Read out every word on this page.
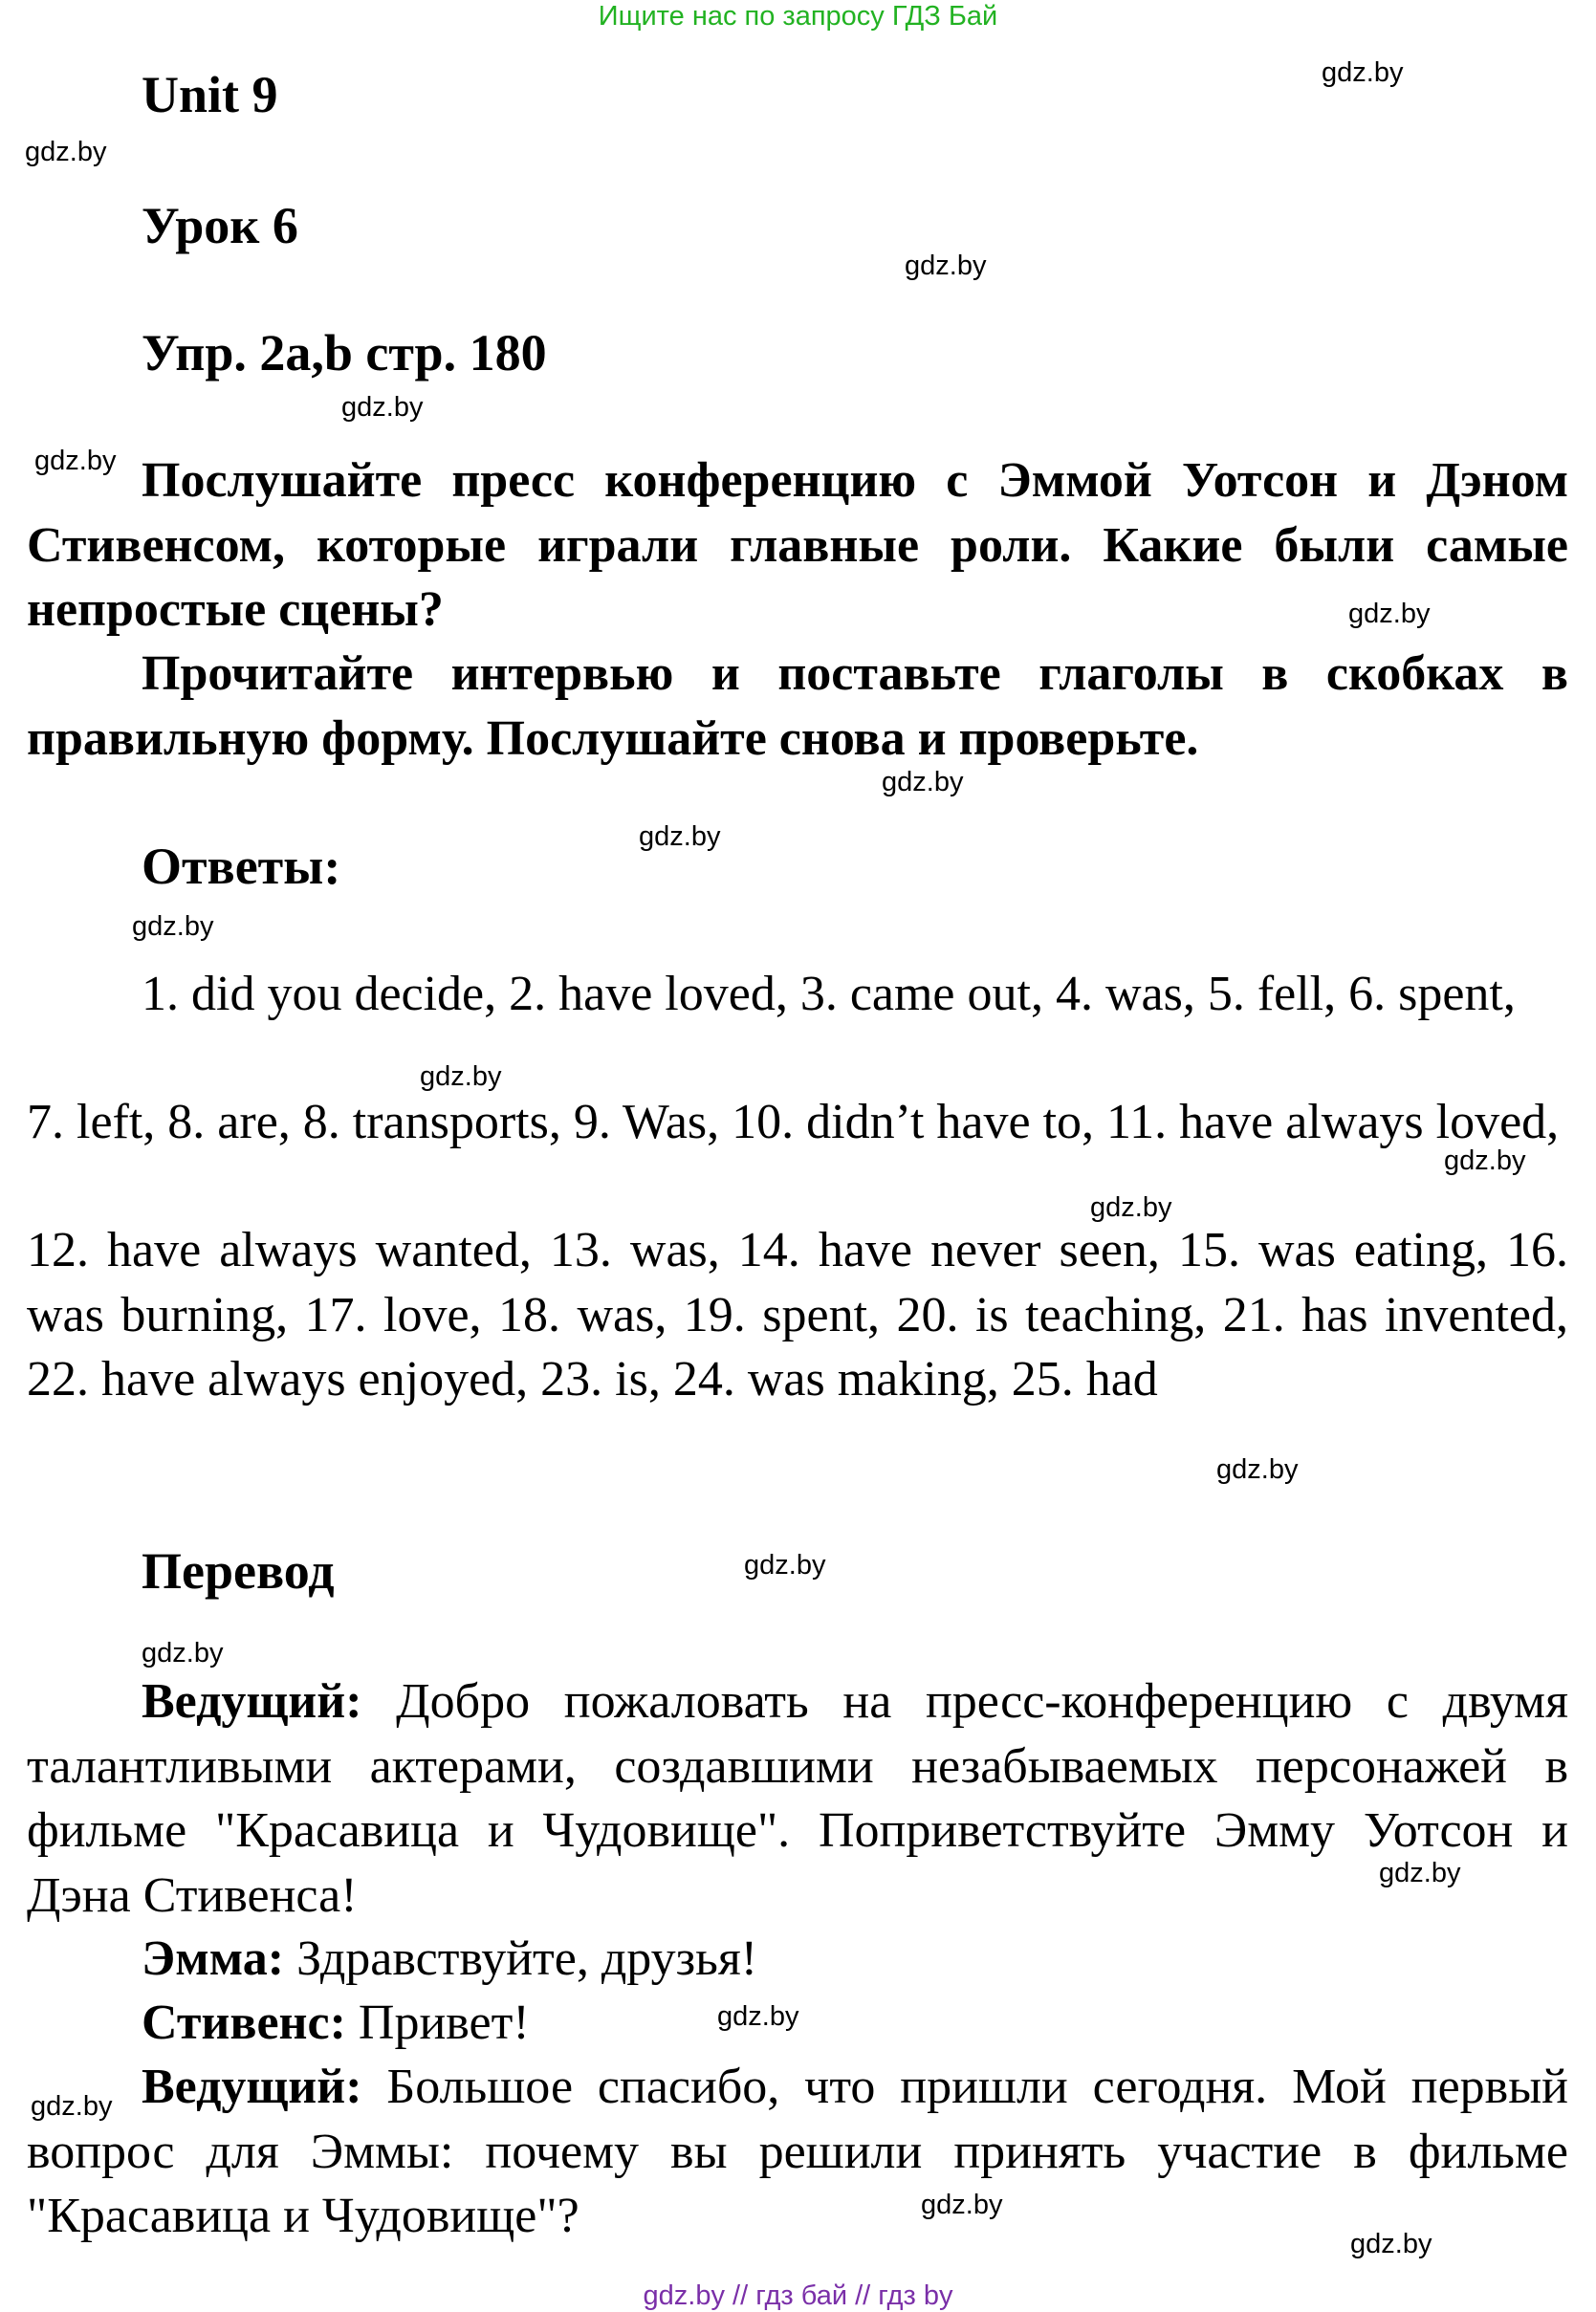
Ищите нас по запросу ГДЗ Бай
Unit 9
Урок 6
Упр. 2a,b стр. 180
Послушайте пресс конференцию с Эммой Уотсон и Дэном Стивенсом, которые играли главные роли. Какие были самые непростые сцены?
Прочитайте интервью и поставьте глаголы в скобках в правильную форму. Послушайте снова и проверьте.
Ответы:
1. did you decide, 2. have loved, 3. came out, 4. was, 5. fell, 6. spent,
7. left, 8. are, 8. transports, 9. Was, 10. didn’t have to, 11. have always loved,
12. have always wanted, 13. was, 14. have never seen, 15. was eating, 16. was burning, 17. love, 18. was, 19. spent, 20. is teaching, 21. has invented, 22. have always enjoyed, 23. is, 24. was making, 25. had
Перевод
Ведущий: Добро пожаловать на пресс-конференцию с двумя талантливыми актерами, создавшими незабываемых персонажей в фильме "Красавица и Чудовище". Поприветствуйте Эмму Уотсон и Дэна Стивенса!
Эмма: Здравствуйте, друзья!
Стивенс: Привет!
Ведущий: Большое спасибо, что пришли сегодня. Мой первый вопрос для Эммы: почему вы решили принять участие в фильме "Красавица и Чудовище"?
gdz.by
gdz.by
gdz.by
gdz.by
gdz.by
gdz.by
gdz.by
gdz.by
gdz.by
gdz.by
gdz.by
gdz.by
gdz.by
gdz.by
gdz.by
gdz.by
gdz.by
gdz.by
gdz.by
gdz.by
gdz.by // гдз бай // гдз by
